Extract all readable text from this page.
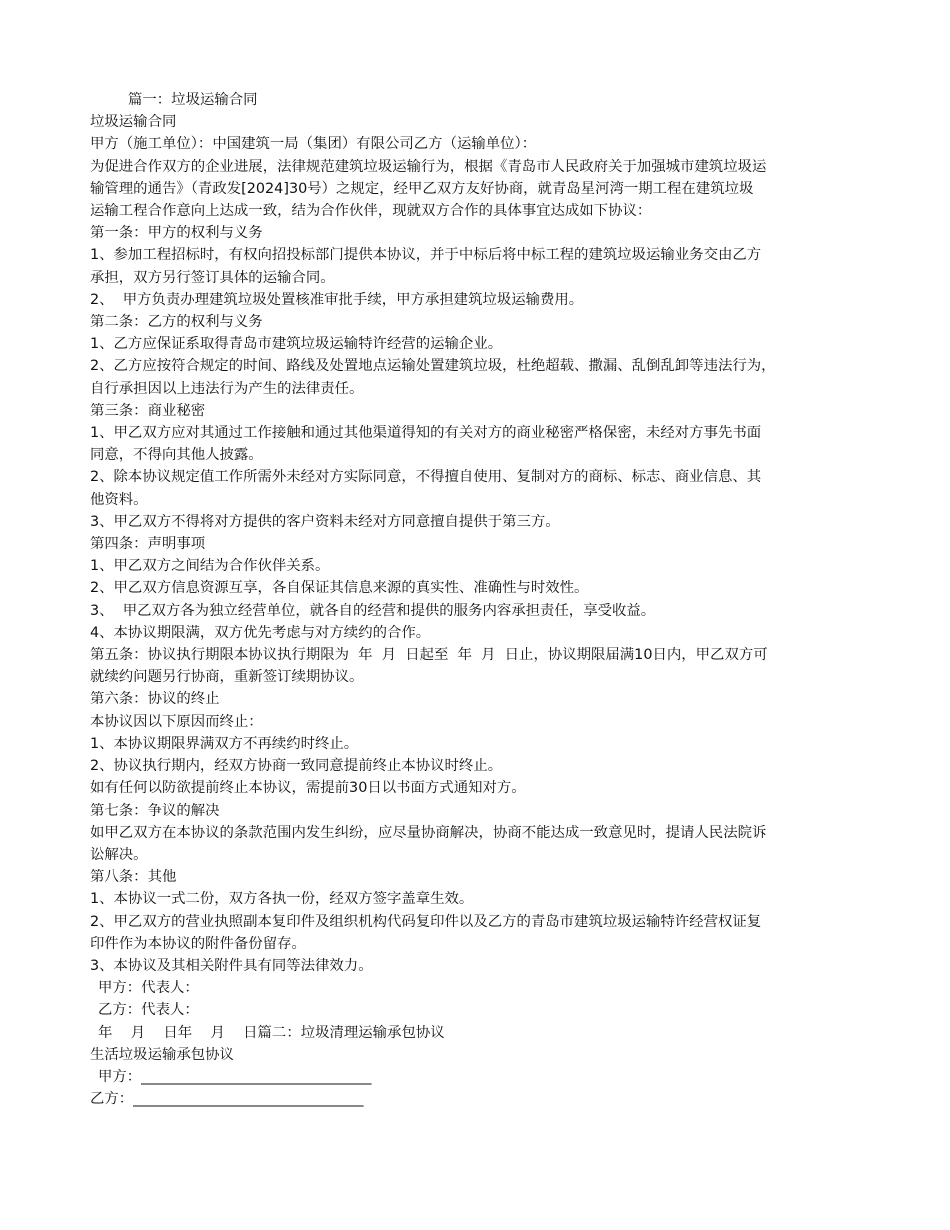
篇一：垃圾运输合同
垃圾运输合同
甲方（施工单位）：中国建筑一局（集团）有限公司乙方（运输单位）：
为促进合作双方的企业进展，法律规范建筑垃圾运输行为，根据《青岛市人民政府关于加强城市建筑垃圾运
输管理的通告》（青政发[2024]30号）之规定，经甲乙双方友好协商，就青岛星河湾一期工程在建筑垃圾
运输工程合作意向上达成一致，结为合作伙伴，现就双方合作的具体事宜达成如下协议：
第一条：甲方的权利与义务
1、参加工程招标时，有权向招投标部门提供本协议，并于中标后将中标工程的建筑垃圾运输业务交由乙方
承担，双方另行签订具体的运输合同。
2、  甲方负责办理建筑垃圾处置核准审批手续，甲方承担建筑垃圾运输费用。
第二条：乙方的权利与义务
1、乙方应保证系取得青岛市建筑垃圾运输特许经营的运输企业。
2、乙方应按符合规定的时间、路线及处置地点运输处置建筑垃圾，杜绝超载、撒漏、乱倒乱卸等违法行为，
自行承担因以上违法行为产生的法律责任。
第三条：商业秘密
1、甲乙双方应对其通过工作接触和通过其他渠道得知的有关对方的商业秘密严格保密，未经对方事先书面
同意，不得向其他人披露。
2、除本协议规定值工作所需外未经对方实际同意，不得擅自使用、复制对方的商标、标志、商业信息、其
他资料。
3、甲乙双方不得将对方提供的客户资料未经对方同意擅自提供于第三方。
第四条：声明事项
1、甲乙双方之间结为合作伙伴关系。
2、甲乙双方信息资源互享，各自保证其信息来源的真实性、准确性与时效性。
3、  甲乙双方各为独立经营单位，就各自的经营和提供的服务内容承担责任，享受收益。
4、本协议期限满，双方优先考虑与对方续约的合作。
第五条：协议执行期限本协议执行期限为  年  月  日起至  年  月  日止，协议期限届满10日内，甲乙双方可
就续约问题另行协商，重新签订续期协议。
第六条：协议的终止
本协议因以下原因而终止：
1、本协议期限界满双方不再续约时终止。
2、协议执行期内，经双方协商一致同意提前终止本协议时终止。
如有任何以防欲提前终止本协议，需提前30日以书面方式通知对方。
第七条：争议的解决
如甲乙双方在本协议的条款范围内发生纠纷，应尽量协商解决，协商不能达成一致意见时，提请人民法院诉
讼解决。
第八条：其他
1、本协议一式二份，双方各执一份，经双方签字盖章生效。
2、甲乙双方的营业执照副本复印件及组织机构代码复印件以及乙方的青岛市建筑垃圾运输特许经营权证复
印件作为本协议的附件备份留存。
3、本协议及其相关附件具有同等法律效力。
甲方：代表人：
乙方：代表人：
年    月    日年    月    日篇二：垃圾清理运输承包协议
生活垃圾运输承包协议
甲方：________________________________
乙方：________________________________
